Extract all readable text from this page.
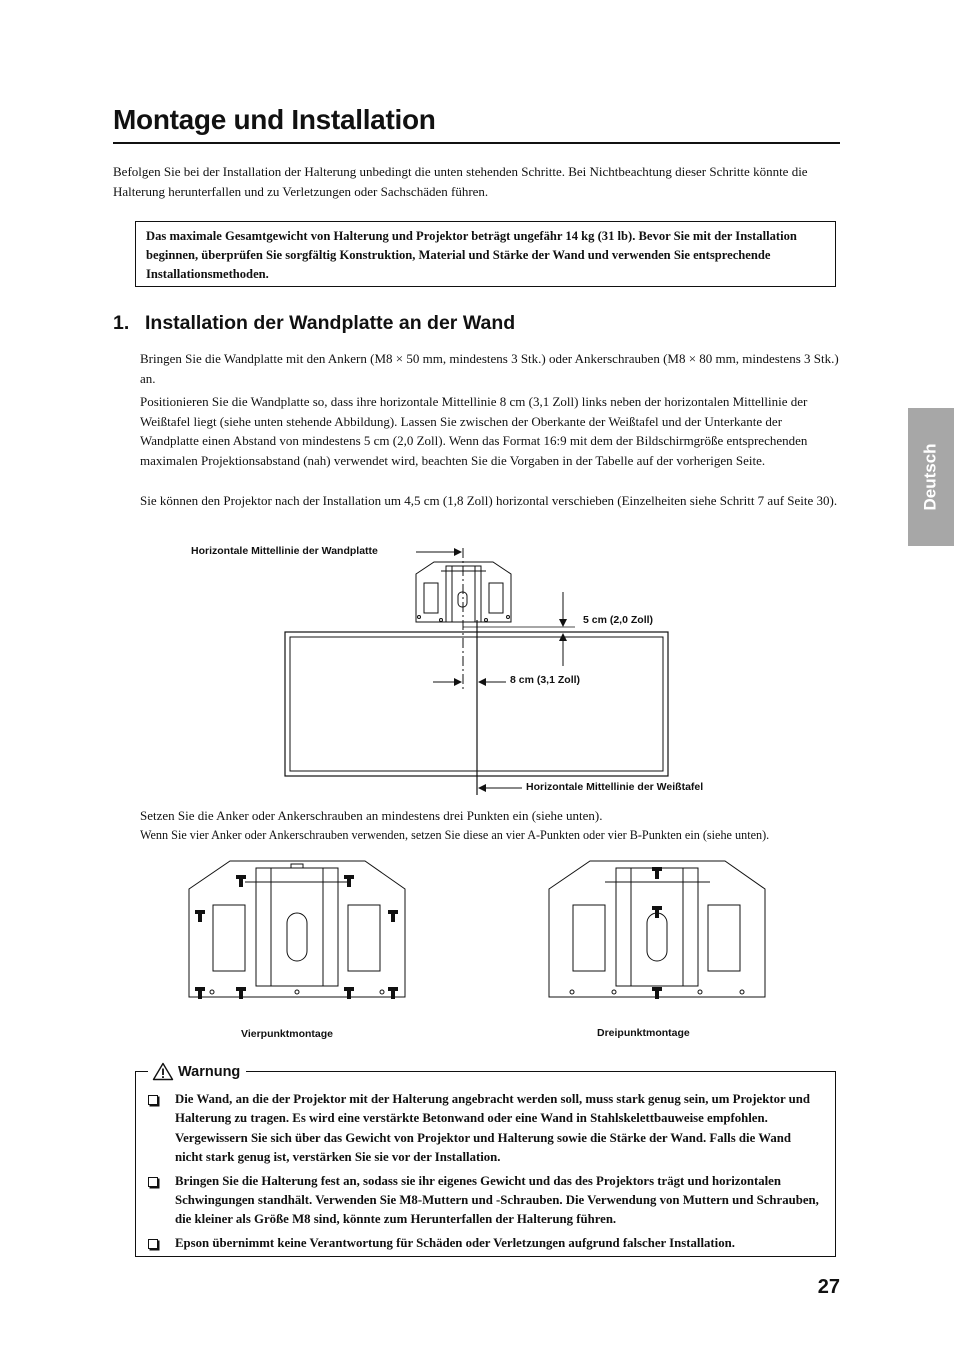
Montage und Installation

Befolgen Sie bei der Installation der Halterung unbedingt die unten stehenden Schritte. Bei Nichtbeachtung dieser Schritte könnte die Halterung herunterfallen und zu Verletzungen oder Sachschäden führen.

Das maximale Gesamtgewicht von Halterung und Projektor beträgt ungefähr 14 kg (31 lb). Bevor Sie mit der Installation beginnen, überprüfen Sie sorgfältig Konstruktion, Material und Stärke der Wand und verwenden Sie entsprechende Installationsmethoden.
1. Installation der Wandplatte an der Wand

Bringen Sie die Wandplatte mit den Ankern (M8 × 50 mm, mindestens 3 Stk.) oder Ankerschrauben (M8 × 80 mm, mindestens 3 Stk.) an.

Positionieren Sie die Wandplatte so, dass ihre horizontale Mittellinie 8 cm (3,1 Zoll) links neben der horizontalen Mittellinie der Weißtafel liegt (siehe unten stehende Abbildung). Lassen Sie zwischen der Oberkante der Weißtafel und der Unterkante der Wandplatte einen Abstand von mindestens 5 cm (2,0 Zoll). Wenn das Format 16:9 mit dem der Bildschirmgröße entsprechenden maximalen Projektionsabstand (nah) verwendet wird, beachten Sie die Vorgaben in der Tabelle auf der vorherigen Seite.

Sie können den Projektor nach der Installation um 4,5 cm (1,8 Zoll) horizontal verschieben (Einzelheiten siehe Schritt 7 auf Seite 30).	Deutsch
Horizontale Mittellinie der Wandplatte
5 cm (2,0 Zoll)
8 cm (3,1 Zoll)
Horizontale Mittellinie der Weißtafel

Setzen Sie die Anker oder Ankerschrauben an mindestens drei Punkten ein (siehe unten).

Wenn Sie vier Anker oder Ankerschrauben verwenden, setzen Sie diese an vier A-Punkten oder vier B-Punkten ein (siehe unten).

Vierpunktmontage	Dreipunktmontage
Warnung
Die Wand, an die der Projektor mit der Halterung angebracht werden soll, muss stark genug sein, um Projektor und Halterung zu tragen. Es wird eine verstärkte Betonwand oder eine Wand in Stahlskelettbauweise empfohlen. Vergewissern Sie sich über das Gewicht von Projektor und Halterung sowie die Stärke der Wand. Falls die Wand nicht stark genug ist, verstärken Sie sie vor der Installation.
Bringen Sie die Halterung fest an, sodass sie ihr eigenes Gewicht und das des Projektors trägt und horizontalen Schwingungen standhält. Verwenden Sie M8-Muttern und -Schrauben. Die Verwendung von Muttern und Schrauben, die kleiner als Größe M8 sind, könnte zum Herunterfallen der Halterung führen.
Epson übernimmt keine Verantwortung für Schäden oder Verletzungen aufgrund falscher Installation.
27
